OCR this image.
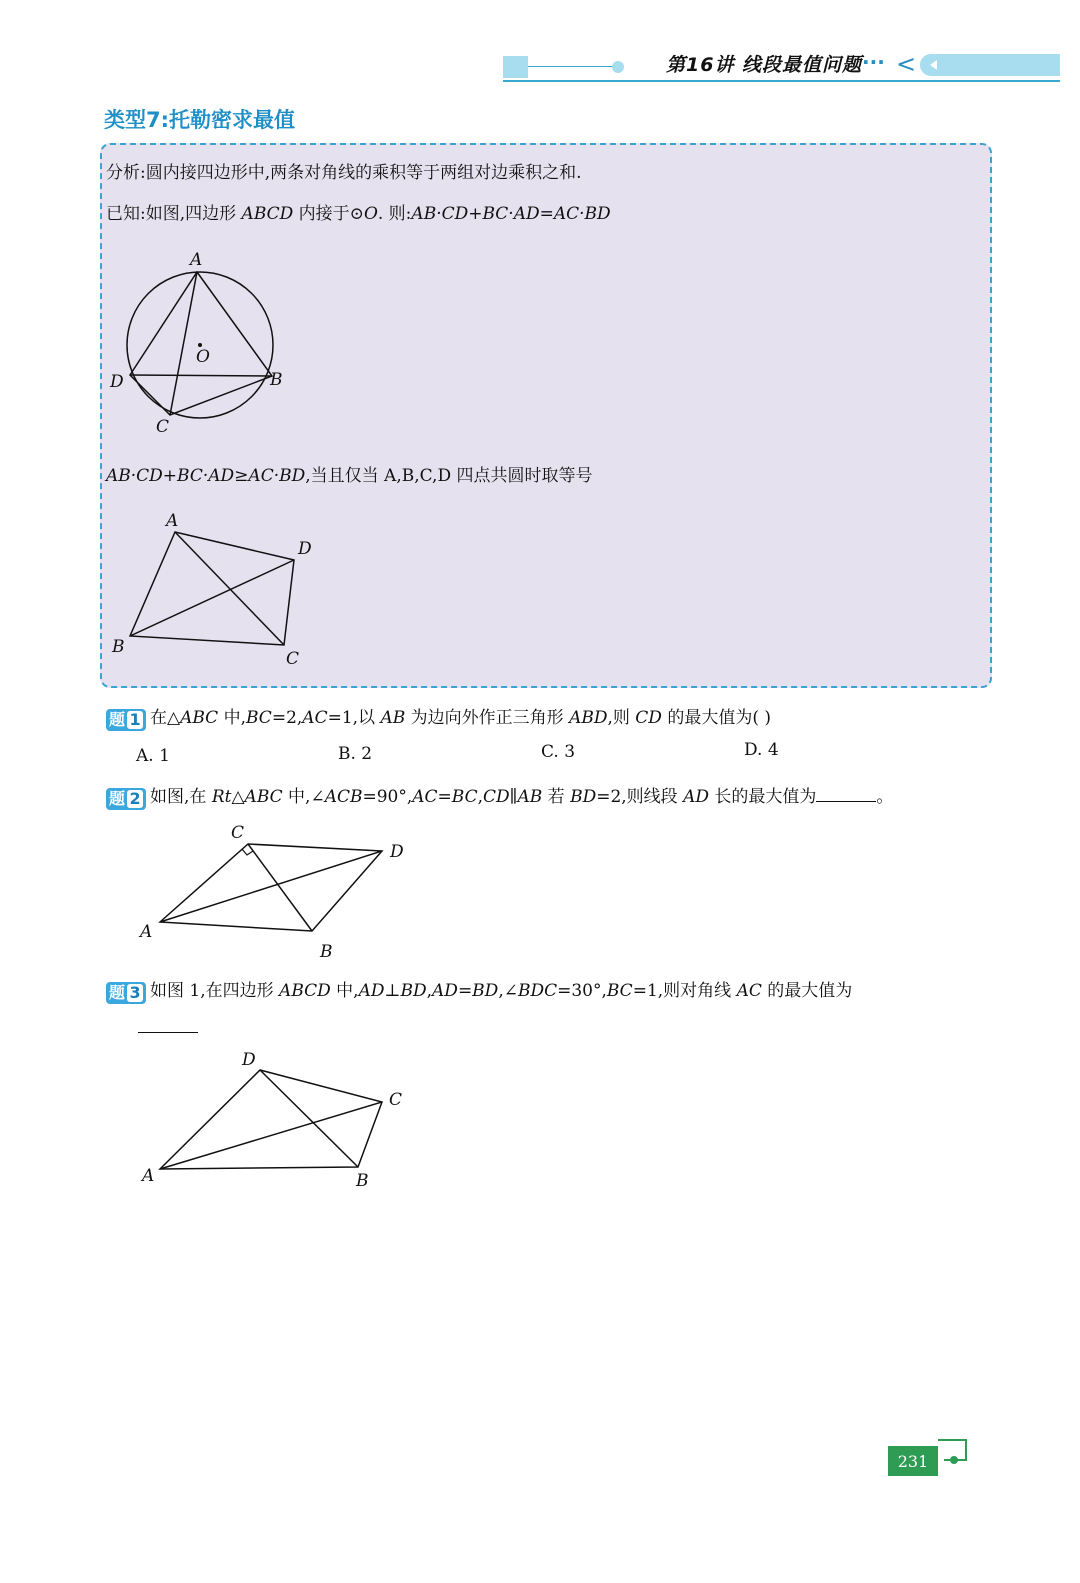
第16讲 线段最值问题 ··· <
类型7:托勒密求最值
分析:圆内接四边形中,两条对角线的乘积等于两组对边乘积之和.
已知:如图,四边形 ABCD 内接于⊙O. 则:AB·CD+BC·AD=AC·BD
A
O
B
D
C
AB·CD+BC·AD≥AC·BD,当且仅当 A,B,C,D 四点共圆时取等号
A
D
B
C
题 1 在△ABC 中,BC=2,AC=1,以 AB 为边向外作正三角形 ABD,则 CD 的最大值为( )
A. 1	B. 2	C. 3	D. 4
题 2 如图,在 Rt△ABC 中,∠ACB=90°,AC=BC,CD∥AB 若 BD=2,则线段 AD 长的最大值为	。
C
D
A
B
题 3 如图 1,在四边形 ABCD 中,AD⊥BD,AD=BD,∠BDC=30°,BC=1,则对角线 AC 的最大值为
D
C
A	B
231
